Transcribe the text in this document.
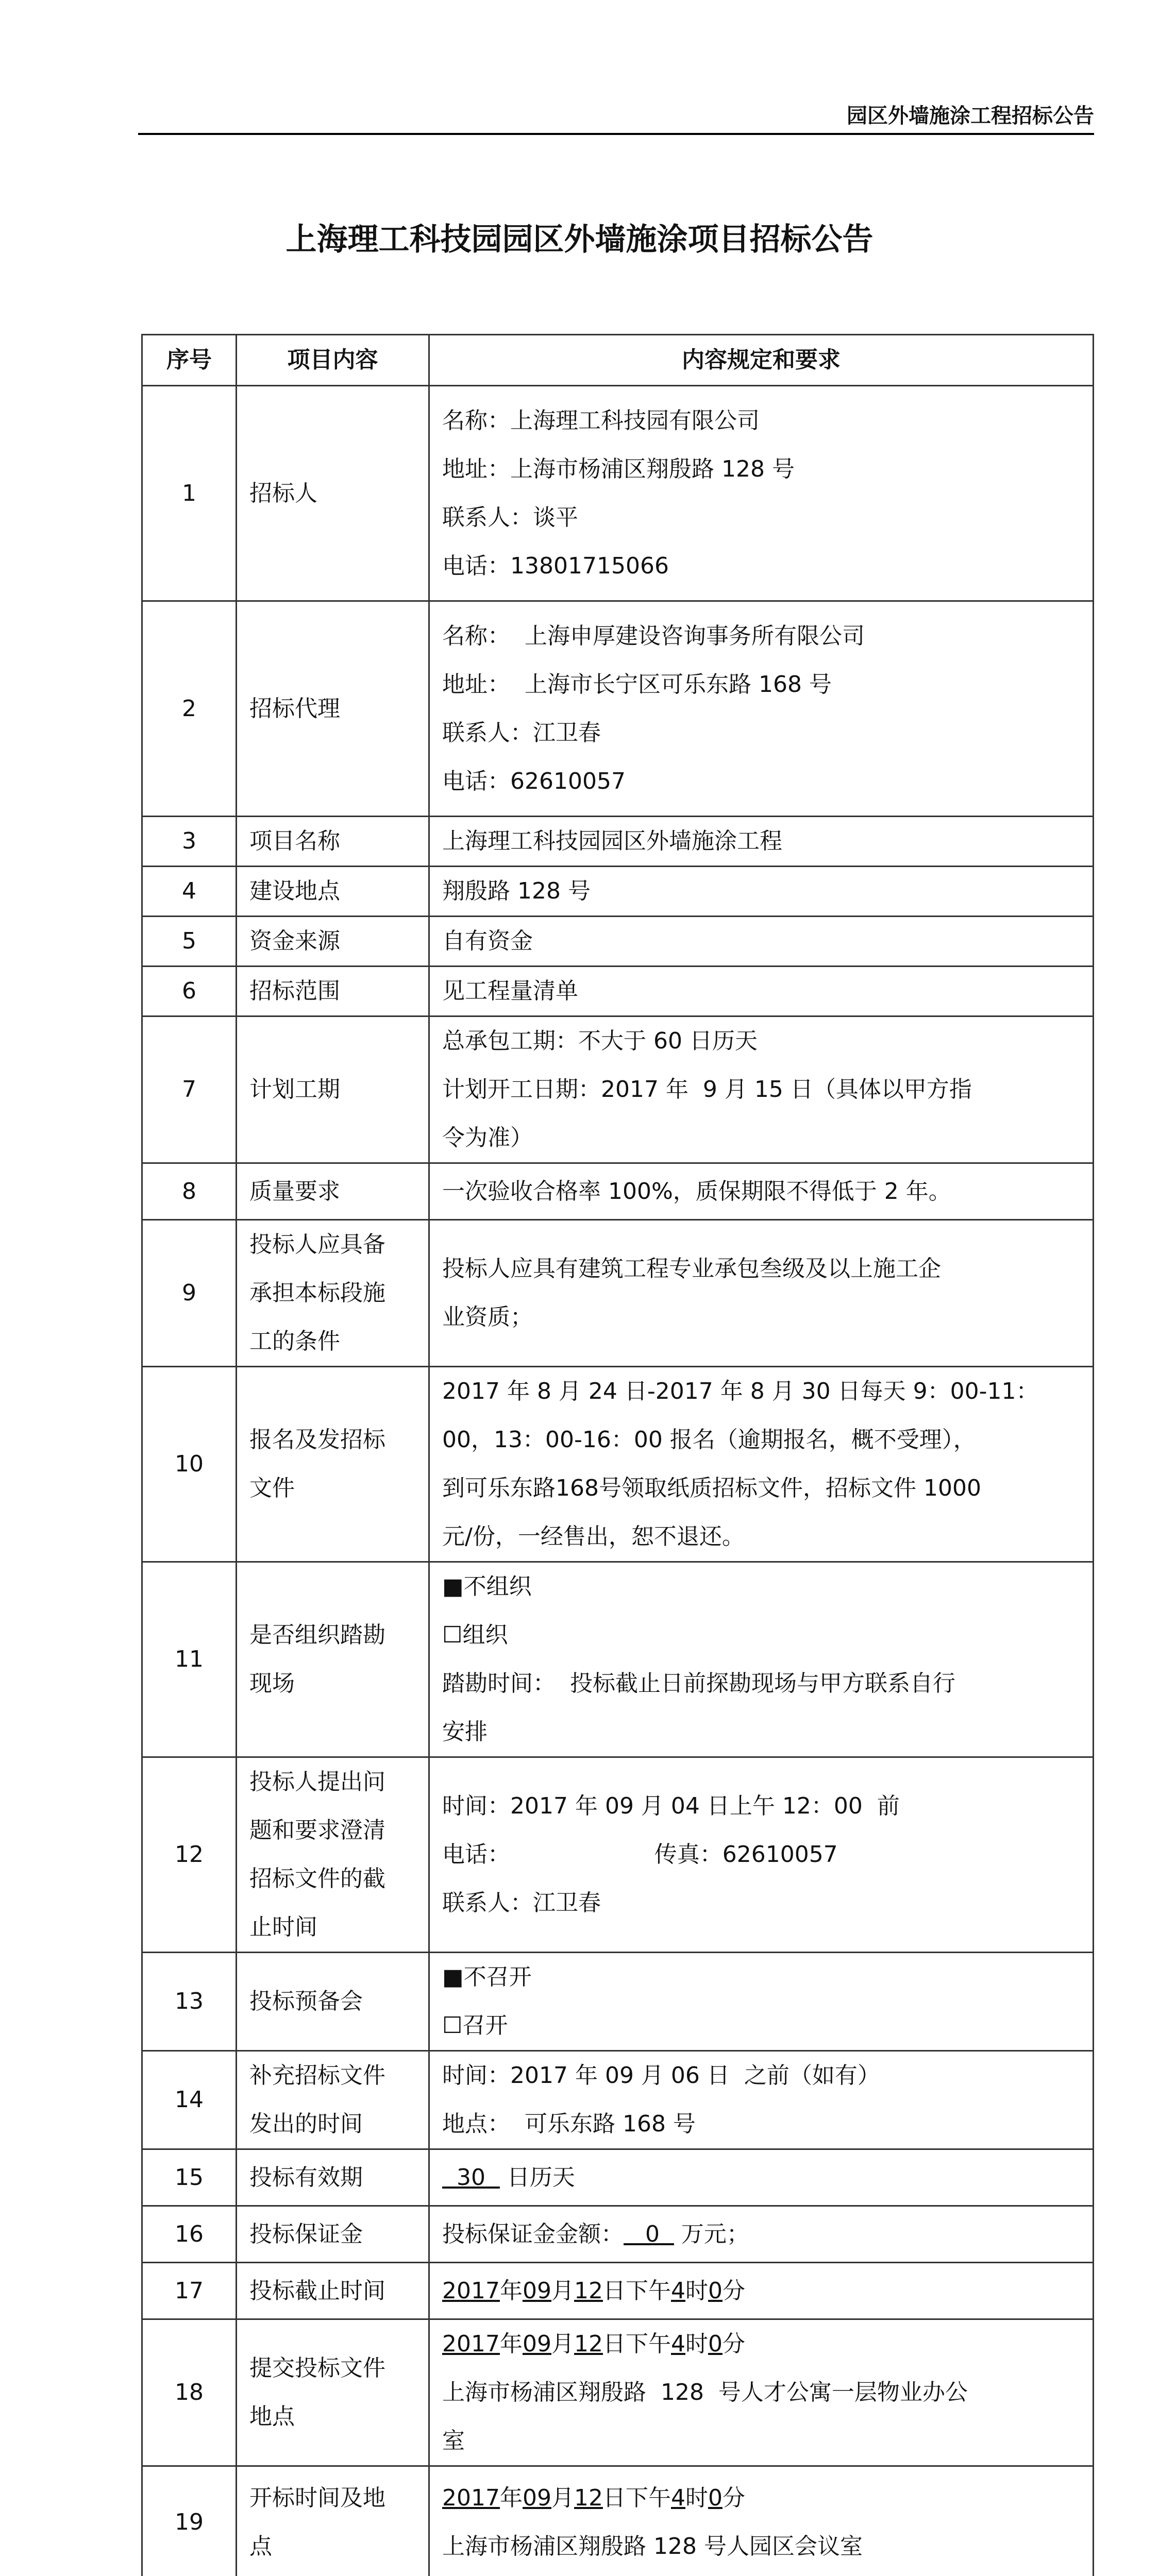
园区外墙施涂工程招标公告
上海理工科技园园区外墙施涂项目招标公告
序号	项目内容	内容规定和要求
1	招标人	名称：上海理工科技园有限公司
地址：上海市杨浦区翔殷路 128 号
联系人：谈平
电话：13801715066

2	招标代理	名称：  上海申厚建设咨询事务所有限公司
地址：  上海市长宁区可乐东路 168 号
联系人：江卫春
电话：62610057

3	项目名称	上海理工科技园园区外墙施涂工程

4	建设地点	翔殷路 128 号

5	资金来源	自有资金

6	招标范围	见工程量清单

7	计划工期	总承包工期：不大于 60 日历天
计划开工日期：2017 年  9 月 15 日（具体以甲方指
令为准）

8	质量要求	一次验收合格率 100%，质保期限不得低于 2 年。

9	投标人应具备
承担本标段施
工的条件	投标人应具有建筑工程专业承包叁级及以上施工企
业资质；

10	报名及发招标
文件	2017 年 8 月 24 日-2017 年 8 月 30 日每天 9：00-11：
00，13：00-16：00 报名（逾期报名，概不受理），
到可乐东路168号领取纸质招标文件，招标文件 1000
元/份，一经售出，恕不退还。

11	是否组织踏勘
现场	■不组织
☐组织
踏勘时间：  投标截止日前探勘现场与甲方联系自行
安排

12	投标人提出问
题和要求澄清
招标文件的截
止时间	时间：2017 年 09 月 04 日上午 12：00  前
电话：                    传真：62610057
联系人：江卫春

13	投标预备会	■不召开
☐召开

14	补充招标文件
发出的时间	时间：2017 年 09 月 06 日  之前（如有）
地点：  可乐东路 168 号

15	投标有效期	30   日历天

16	投标保证金	投标保证金金额：   0   万元；

17	投标截止时间	2017年09月12日下午4时0分

18	提交投标文件
地点	2017年09月12日下午4时0分
上海市杨浦区翔殷路  128  号人才公寓一层物业办公
室

19	开标时间及地
点	2017年09月12日下午4时0分
上海市杨浦区翔殷路 128 号人园区会议室
